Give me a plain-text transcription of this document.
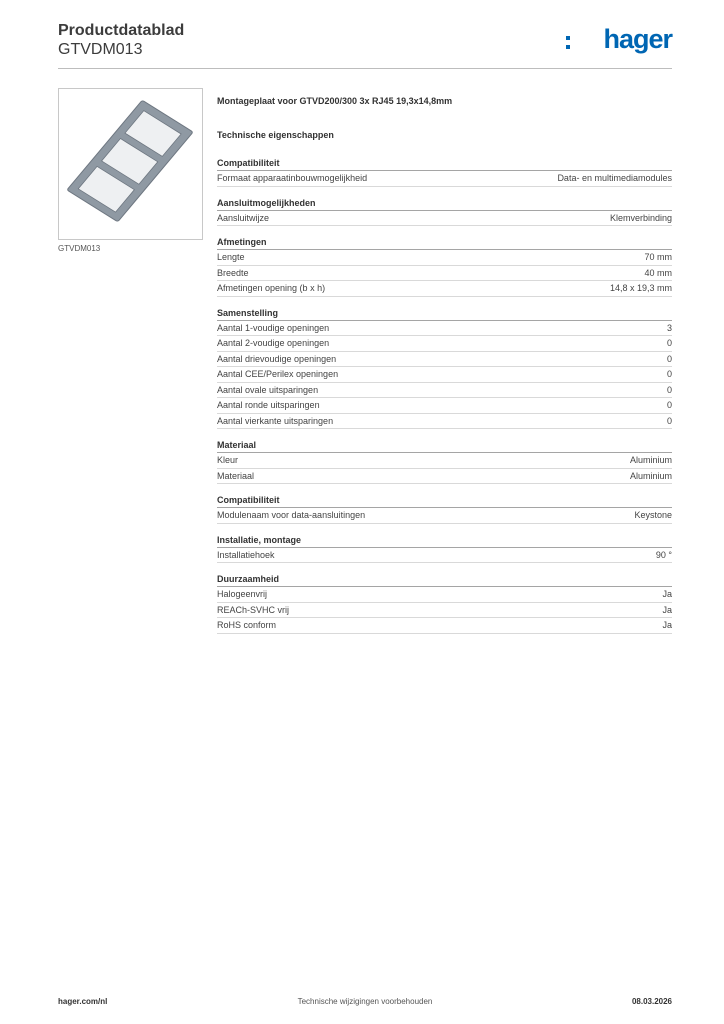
Productdatablad
GTVDM013	hager
GTVDM013
Montageplaat voor GTVD200/300 3x RJ45 19,3x14,8mm
Technische eigenschappen
Compatibiliteit
Formaat apparaatinbouwmogelijkheid	Data- en multimediamodules
Aansluitmogelijkheden
Aansluitwijze	Klemverbinding
Afmetingen
Lengte	70 mm
Breedte	40 mm
Afmetingen opening (b x h)	14,8 x 19,3 mm
Samenstelling
Aantal 1-voudige openingen	3
Aantal 2-voudige openingen	0
Aantal drievoudige openingen	0
Aantal CEE/Perilex openingen	0
Aantal ovale uitsparingen	0
Aantal ronde uitsparingen	0
Aantal vierkante uitsparingen	0
Materiaal
Kleur	Aluminium
Materiaal	Aluminium
Compatibiliteit
Modulenaam voor data-aansluitingen	Keystone
Installatie, montage
Installatiehoek	90 °
Duurzaamheid
Halogeenvrij	Ja
REACh-SVHC vrij	Ja
RoHS conform	Ja
hager.com/nl	Technische wijzigingen voorbehouden	08.03.2026
